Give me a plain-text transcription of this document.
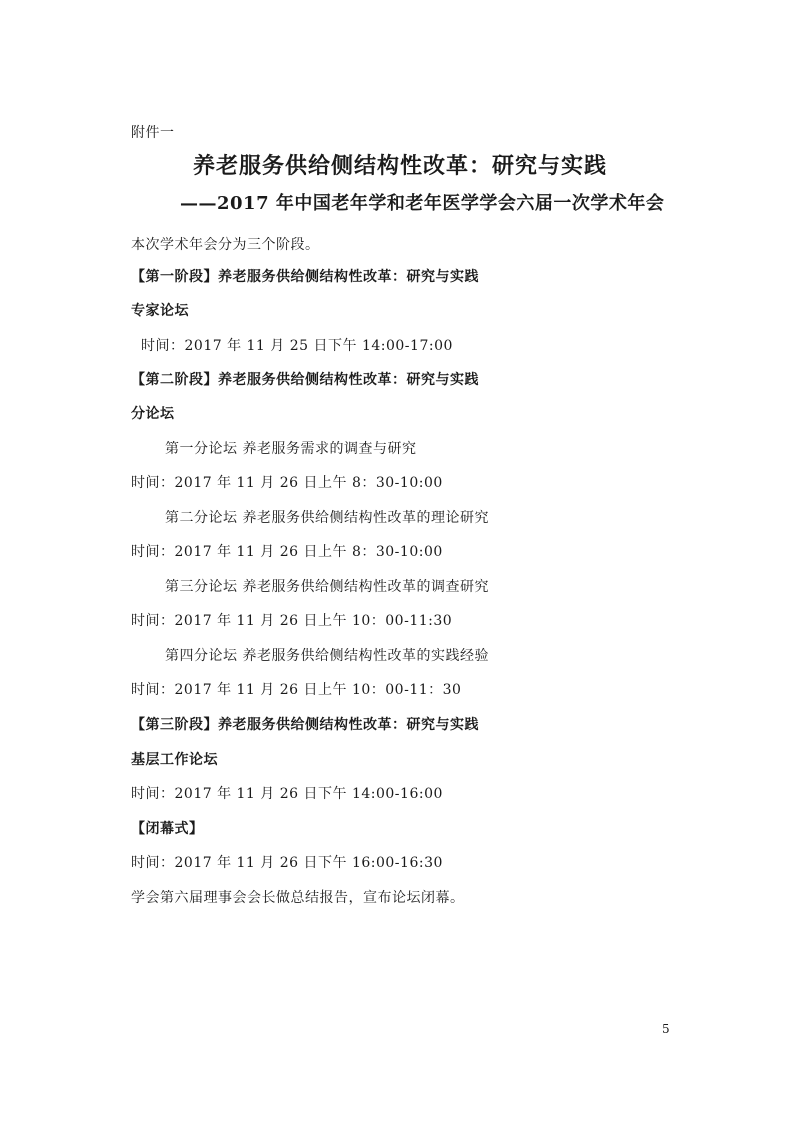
附件一
养老服务供给侧结构性改革：研究与实践
——2017 年中国老年学和老年医学学会六届一次学术年会
本次学术年会分为三个阶段。
【第一阶段】养老服务供给侧结构性改革：研究与实践
专家论坛
时间：2017 年 11 月 25 日下午 14:00-17:00
【第二阶段】养老服务供给侧结构性改革：研究与实践
分论坛
第一分论坛 养老服务需求的调查与研究
时间：2017 年 11 月 26 日上午 8：30-10:00
第二分论坛 养老服务供给侧结构性改革的理论研究
时间：2017 年 11 月 26 日上午 8：30-10:00
第三分论坛 养老服务供给侧结构性改革的调查研究
时间：2017 年 11 月 26 日上午 10：00-11:30
第四分论坛 养老服务供给侧结构性改革的实践经验
时间：2017 年 11 月 26 日上午 10：00-11：30
【第三阶段】养老服务供给侧结构性改革：研究与实践
基层工作论坛
时间：2017 年 11 月 26 日下午 14:00-16:00
【闭幕式】
时间：2017 年 11 月 26 日下午 16:00-16:30
学会第六届理事会会长做总结报告，宣布论坛闭幕。
5
